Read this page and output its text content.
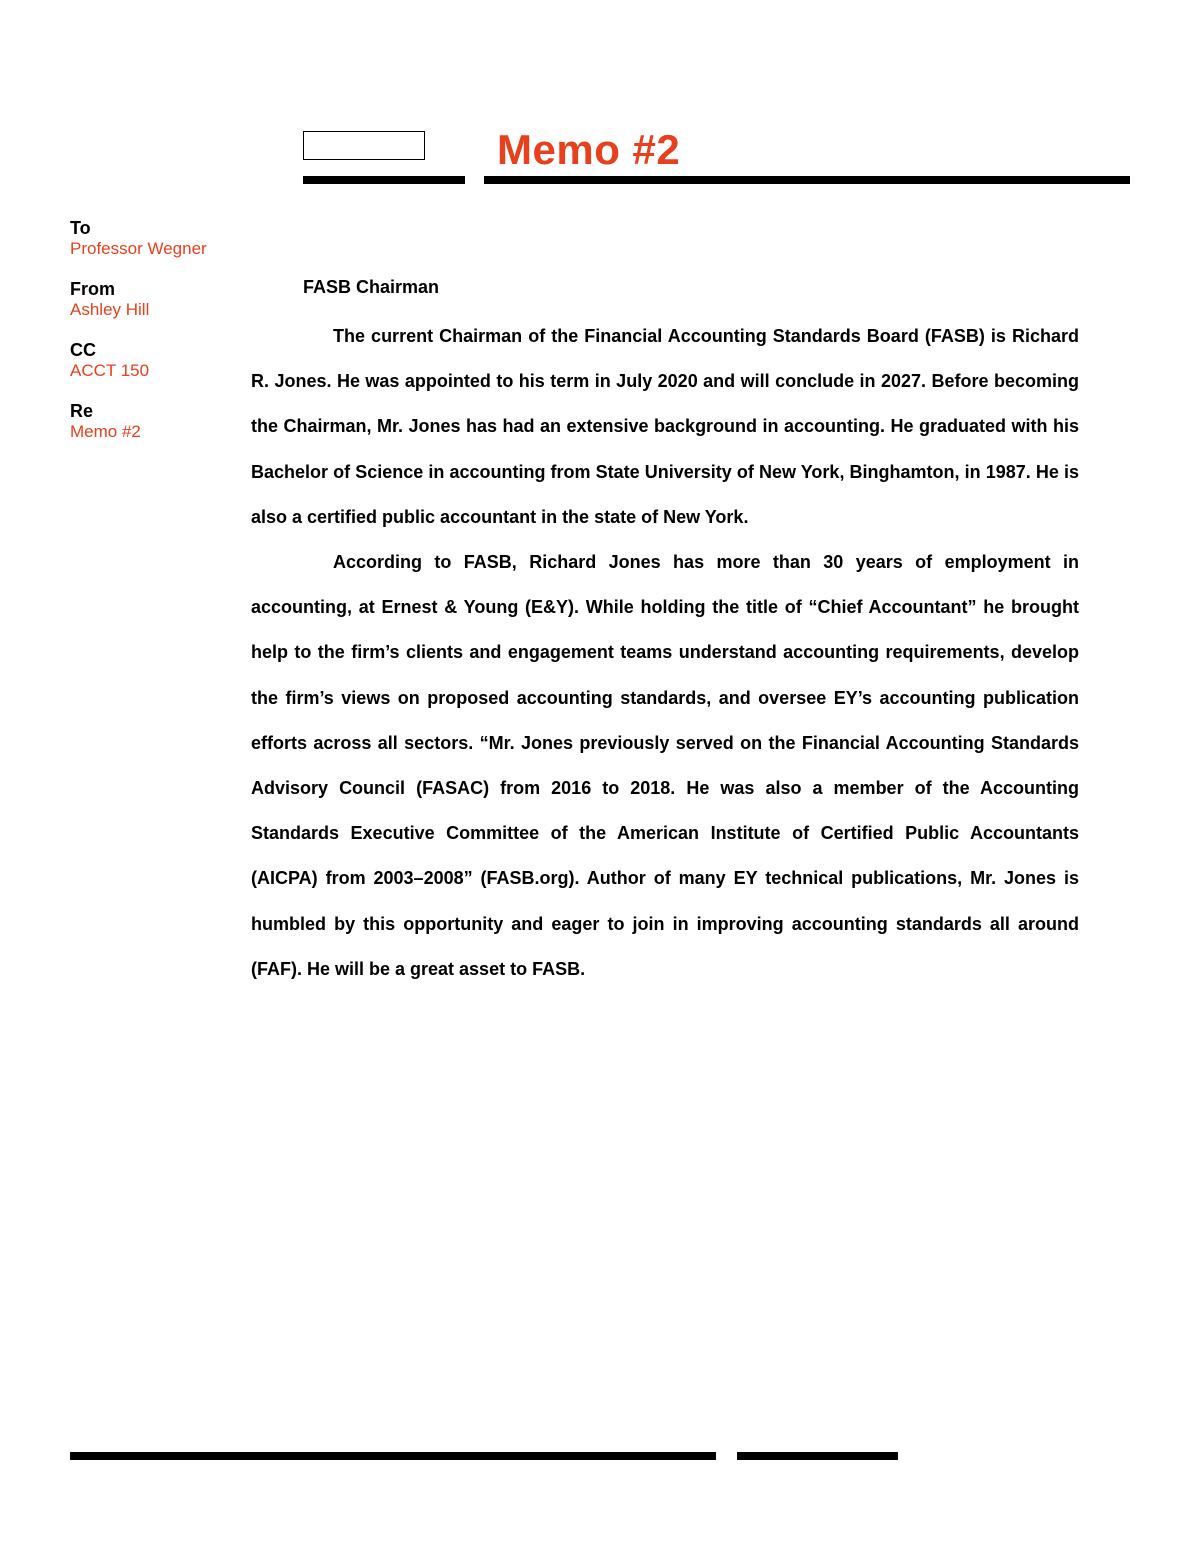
Memo #2
To
Professor Wegner
From
Ashley Hill
CC
ACCT 150
Re
Memo #2
FASB Chairman

The current Chairman of the Financial Accounting Standards Board (FASB) is Richard R. Jones. He was appointed to his term in July 2020 and will conclude in 2027. Before becoming the Chairman, Mr. Jones has had an extensive background in accounting. He graduated with his Bachelor of Science in accounting from State University of New York, Binghamton, in 1987. He is also a certified public accountant in the state of New York.

According to FASB, Richard Jones has more than 30 years of employment in accounting, at Ernest & Young (E&Y). While holding the title of “Chief Accountant” he brought help to the firm’s clients and engagement teams understand accounting requirements, develop the firm’s views on proposed accounting standards, and oversee EY’s accounting publication efforts across all sectors. “Mr. Jones previously served on the Financial Accounting Standards Advisory Council (FASAC) from 2016 to 2018. He was also a member of the Accounting Standards Executive Committee of the American Institute of Certified Public Accountants (AICPA) from 2003–2008” (FASB.org). Author of many EY technical publications, Mr. Jones is humbled by this opportunity and eager to join in improving accounting standards all around (FAF). He will be a great asset to FASB.
